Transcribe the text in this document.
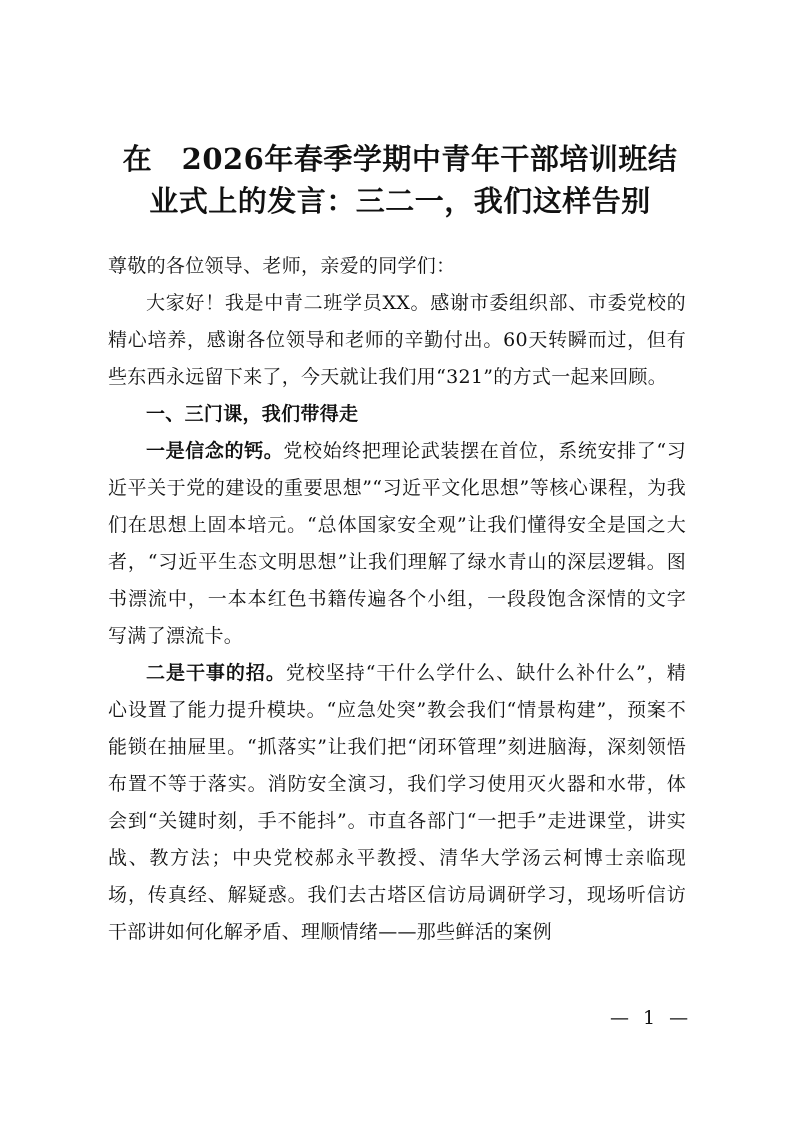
在　2026年春季学期中青年干部培训班结
业式上的发言：三二一，我们这样告别

尊敬的各位领导、老师，亲爱的同学们：

大家好！我是中青二班学员XX。感谢市委组织部、市委党校的精心培养，感谢各位领导和老师的辛勤付出。60天转瞬而过，但有些东西永远留下来了，今天就让我们用“321”的方式一起来回顾。

一、三门课，我们带得走

一是信念的钙。党校始终把理论武装摆在首位，系统安排了“习近平关于党的建设的重要思想”“习近平文化思想”等核心课程，为我们在思想上固本培元。“总体国家安全观”让我们懂得安全是国之大者，“习近平生态文明思想”让我们理解了绿水青山的深层逻辑。图书漂流中，一本本红色书籍传遍各个小组，一段段饱含深情的文字写满了漂流卡。

二是干事的招。党校坚持“干什么学什么、缺什么补什么”，精心设置了能力提升模块。“应急处突”教会我们“情景构建”，预案不能锁在抽屉里。“抓落实”让我们把“闭环管理”刻进脑海，深刻领悟布置不等于落实。消防安全演习，我们学习使用灭火器和水带，体会到“关键时刻，手不能抖”。市直各部门“一把手”走进课堂，讲实战、教方法；中央党校郝永平教授、清华大学汤云柯博士亲临现场，传真经、解疑惑。我们去古塔区信访局调研学习，现场听信访干部讲如何化解矛盾、理顺情绪——那些鲜活的案例

— 1 —
